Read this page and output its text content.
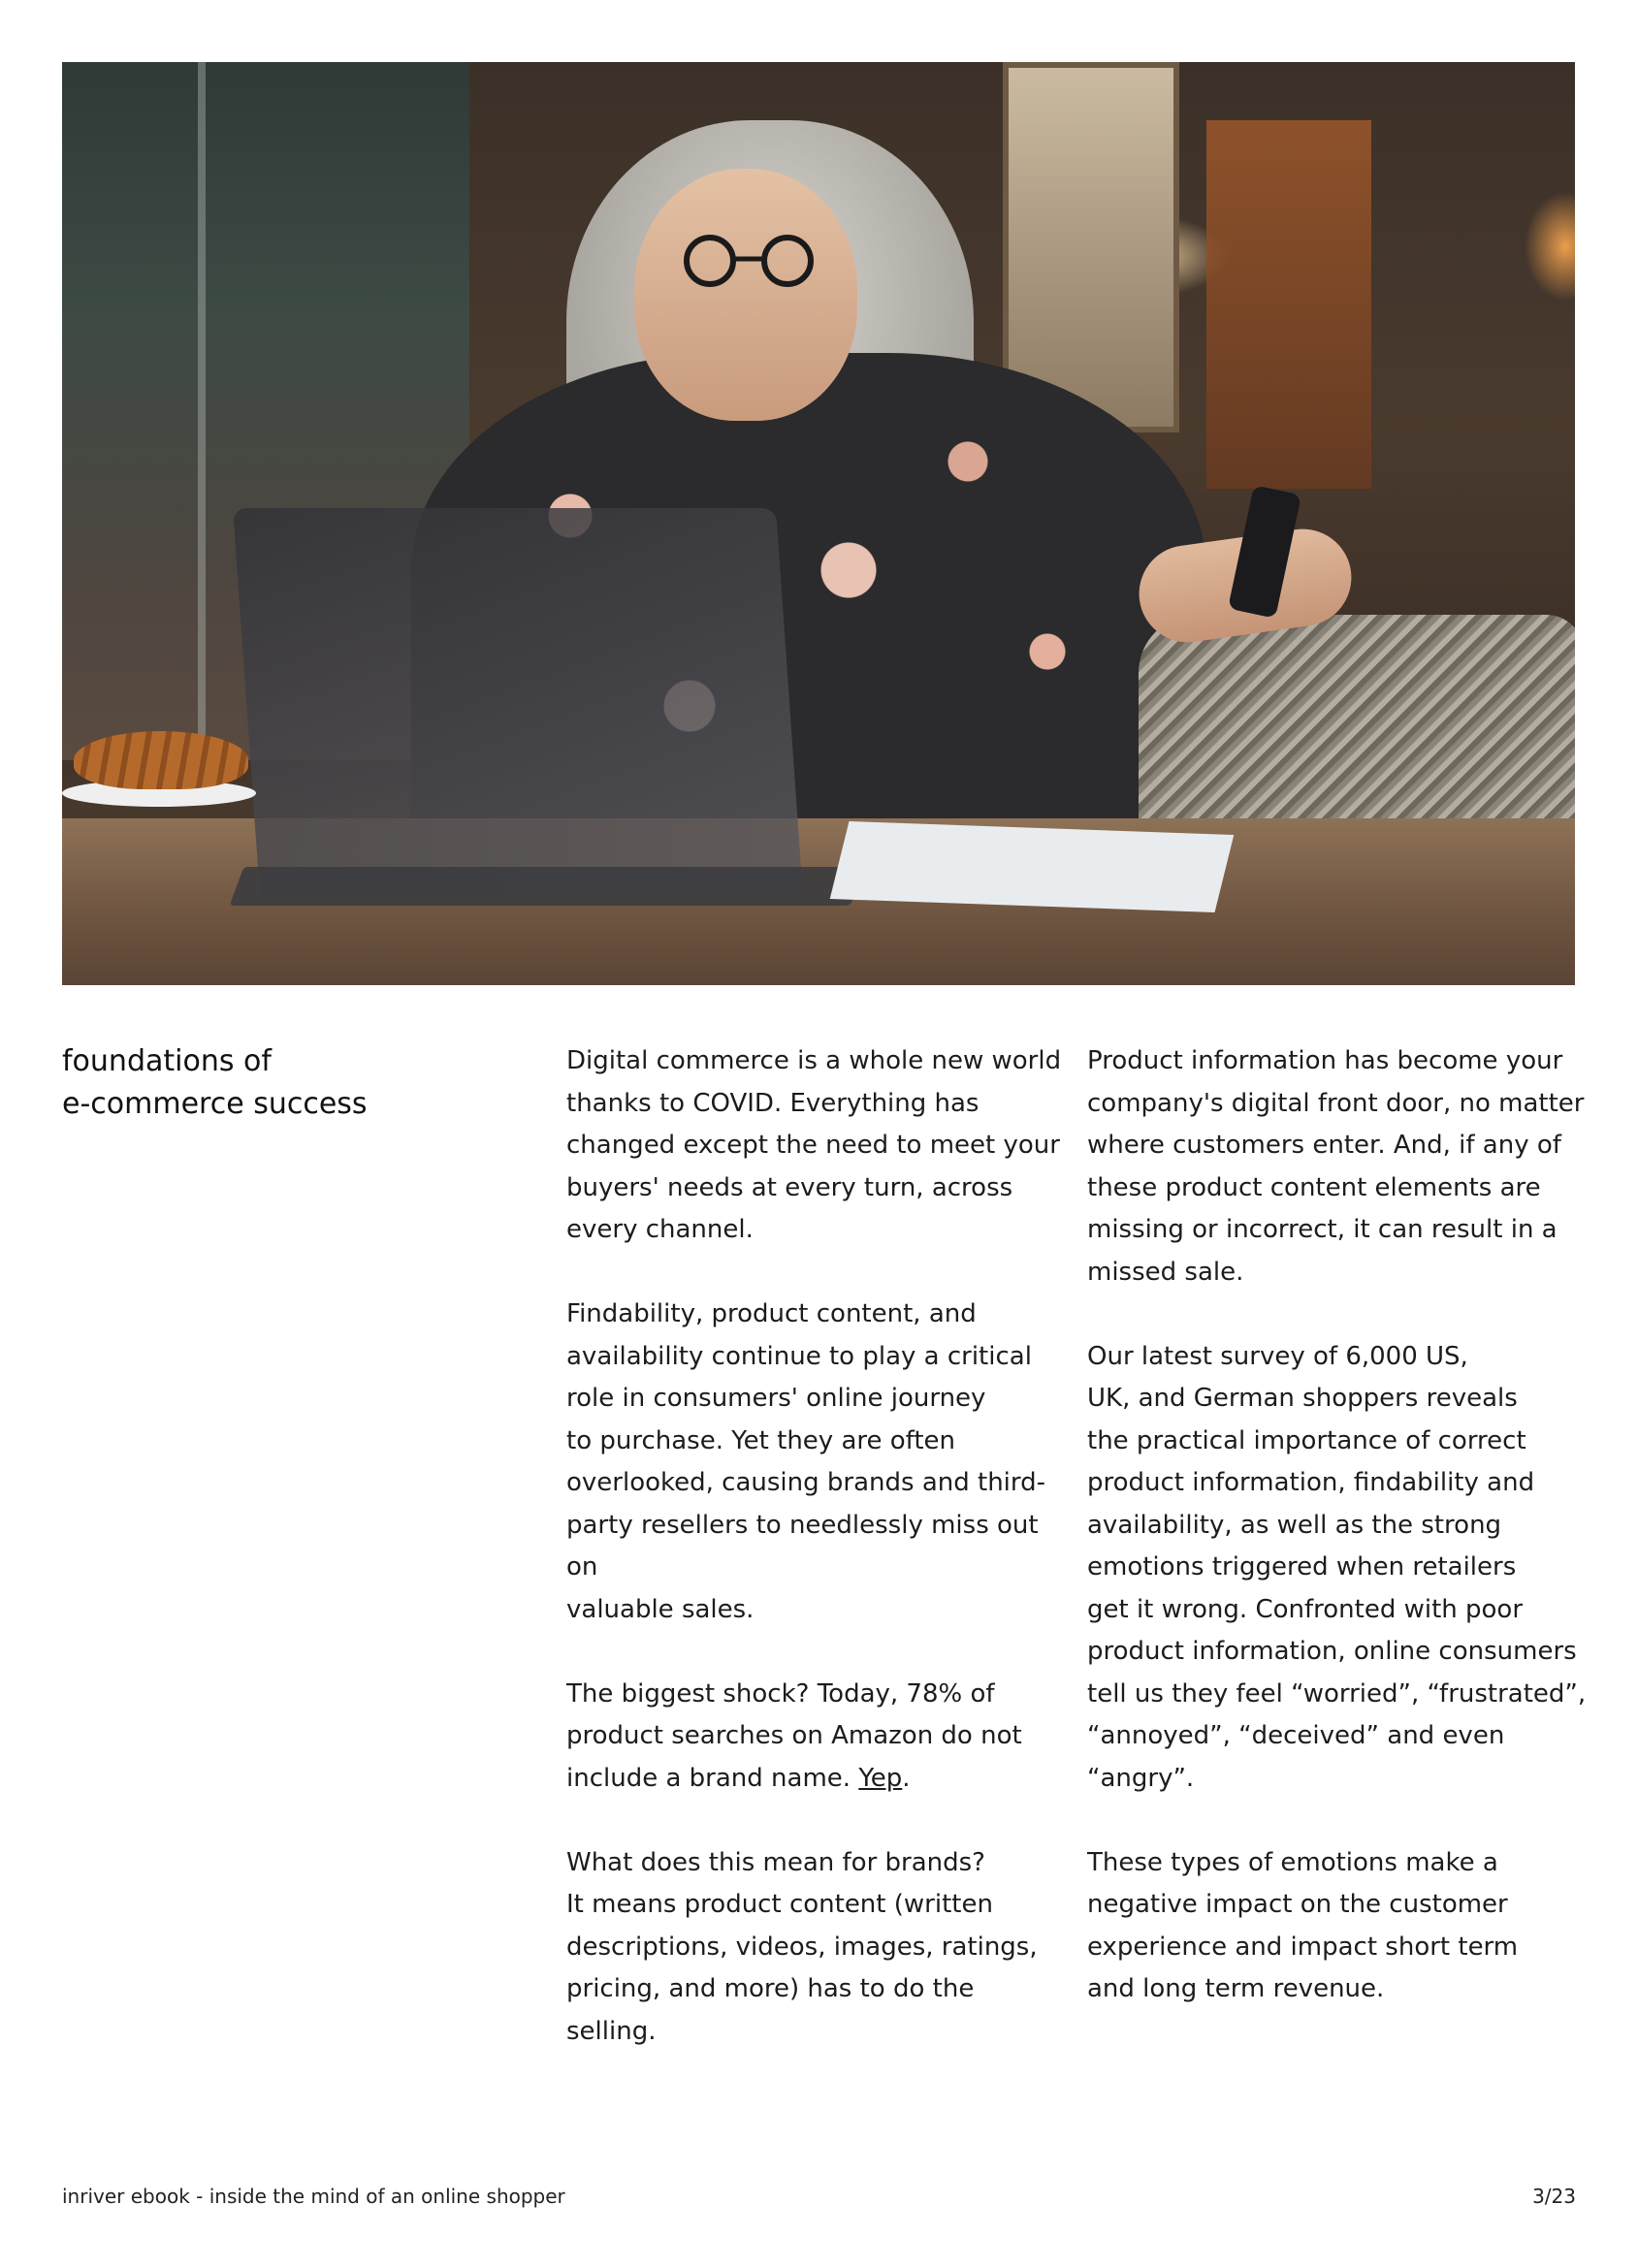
foundations of
e-commerce success

Digital commerce is a whole new world
thanks to COVID. Everything has
changed except the need to meet your
buyers' needs at every turn, across
every channel.

Findability, product content, and
availability continue to play a critical
role in consumers' online journey
to purchase. Yet they are often
overlooked, causing brands and third-
party resellers to needlessly miss out on
valuable sales.

The biggest shock? Today, 78% of
product searches on Amazon do not
include a brand name. Yep.

What does this mean for brands?
It means product content (written
descriptions, videos, images, ratings,
pricing, and more) has to do the selling.

Product information has become your
company's digital front door, no matter
where customers enter. And, if any of
these product content elements are
missing or incorrect, it can result in a
missed sale.

Our latest survey of 6,000 US,
UK, and German shoppers reveals
the practical importance of correct
product information, findability and
availability, as well as the strong
emotions triggered when retailers
get it wrong. Confronted with poor
product information, online consumers
tell us they feel “worried”, “frustrated”,
“annoyed”, “deceived” and even
“angry”.

These types of emotions make a
negative impact on the customer
experience and impact short term
and long term revenue.

inriver ebook - inside the mind of an online shopper	3/23
